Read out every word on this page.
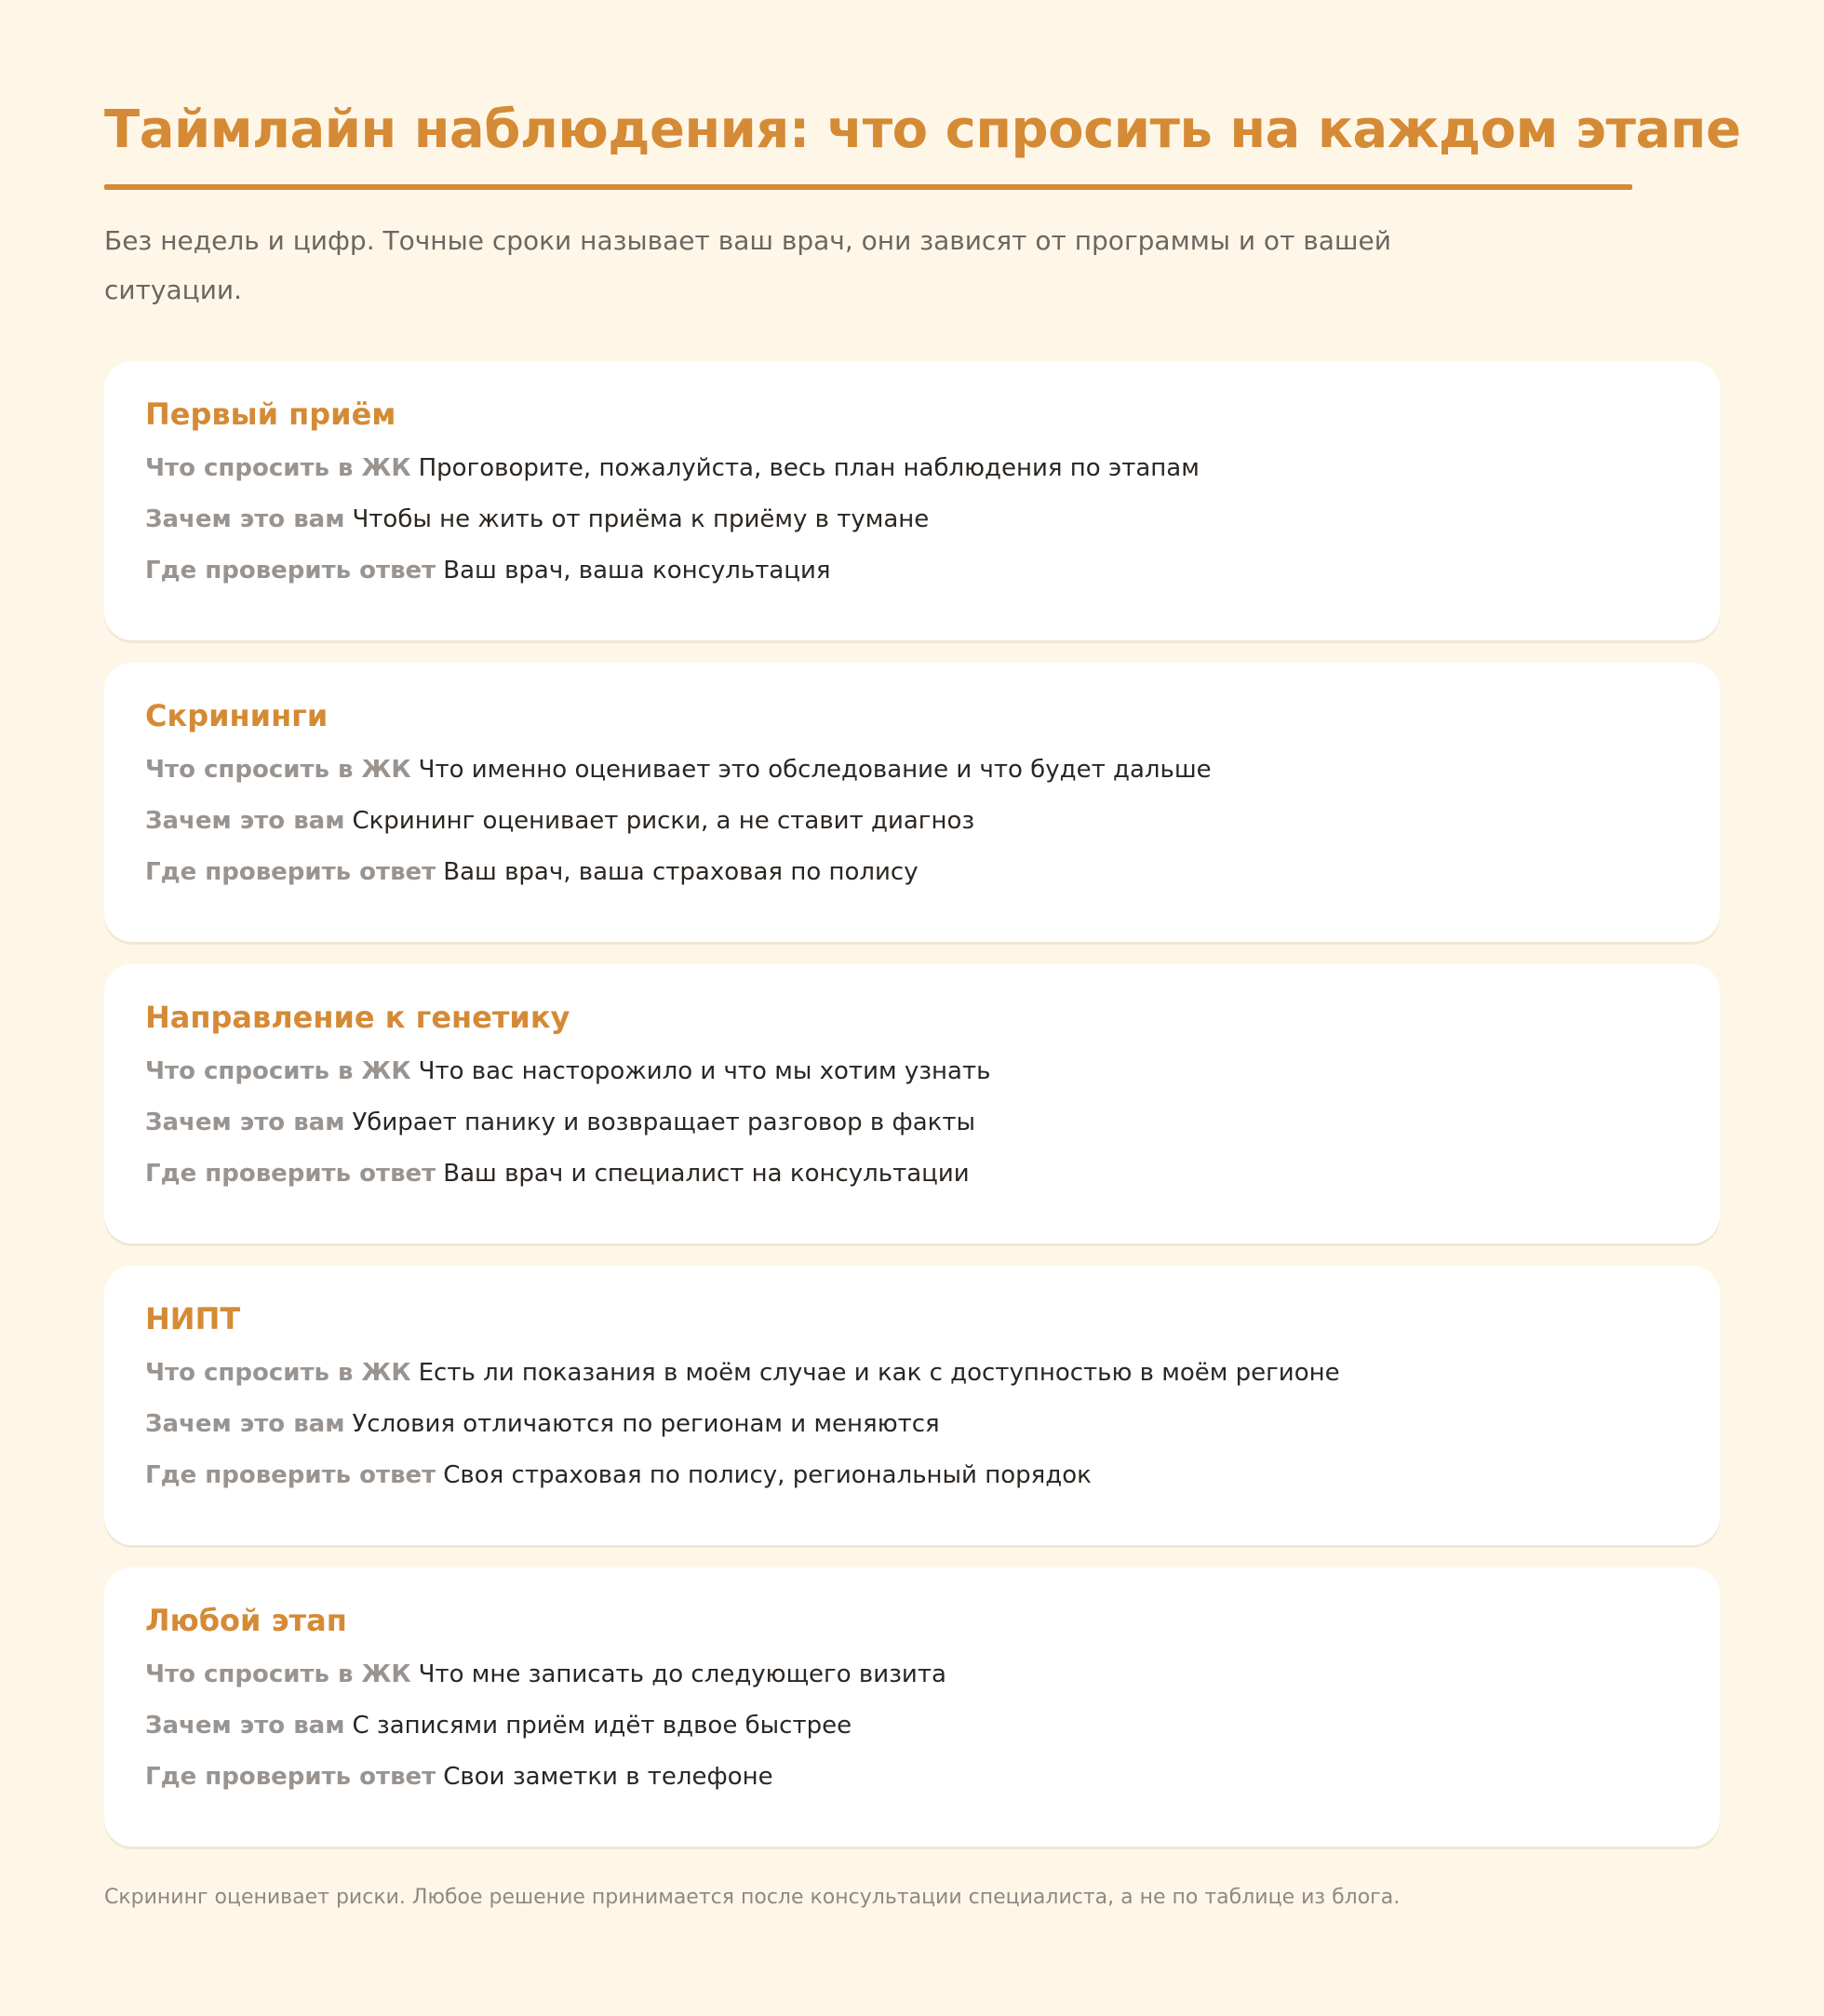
Таймлайн наблюдения: что спросить на каждом этапе

Без недель и цифр. Точные сроки называет ваш врач, они зависят от программы и от вашей ситуации.

Первый приём
Что спросить в ЖК Проговорите, пожалуйста, весь план наблюдения по этапам
Зачем это вам Чтобы не жить от приёма к приёму в тумане
Где проверить ответ Ваш врач, ваша консультация
Скрининги
Что спросить в ЖК Что именно оценивает это обследование и что будет дальше
Зачем это вам Скрининг оценивает риски, а не ставит диагноз
Где проверить ответ Ваш врач, ваша страховая по полису
Направление к генетику
Что спросить в ЖК Что вас насторожило и что мы хотим узнать
Зачем это вам Убирает панику и возвращает разговор в факты
Где проверить ответ Ваш врач и специалист на консультации
НИПТ
Что спросить в ЖК Есть ли показания в моём случае и как с доступностью в моём регионе
Зачем это вам Условия отличаются по регионам и меняются
Где проверить ответ Своя страховая по полису, региональный порядок
Любой этап
Что спросить в ЖК Что мне записать до следующего визита
Зачем это вам С записями приём идёт вдвое быстрее
Где проверить ответ Свои заметки в телефоне

Скрининг оценивает риски. Любое решение принимается после консультации специалиста, а не по таблице из блога.
